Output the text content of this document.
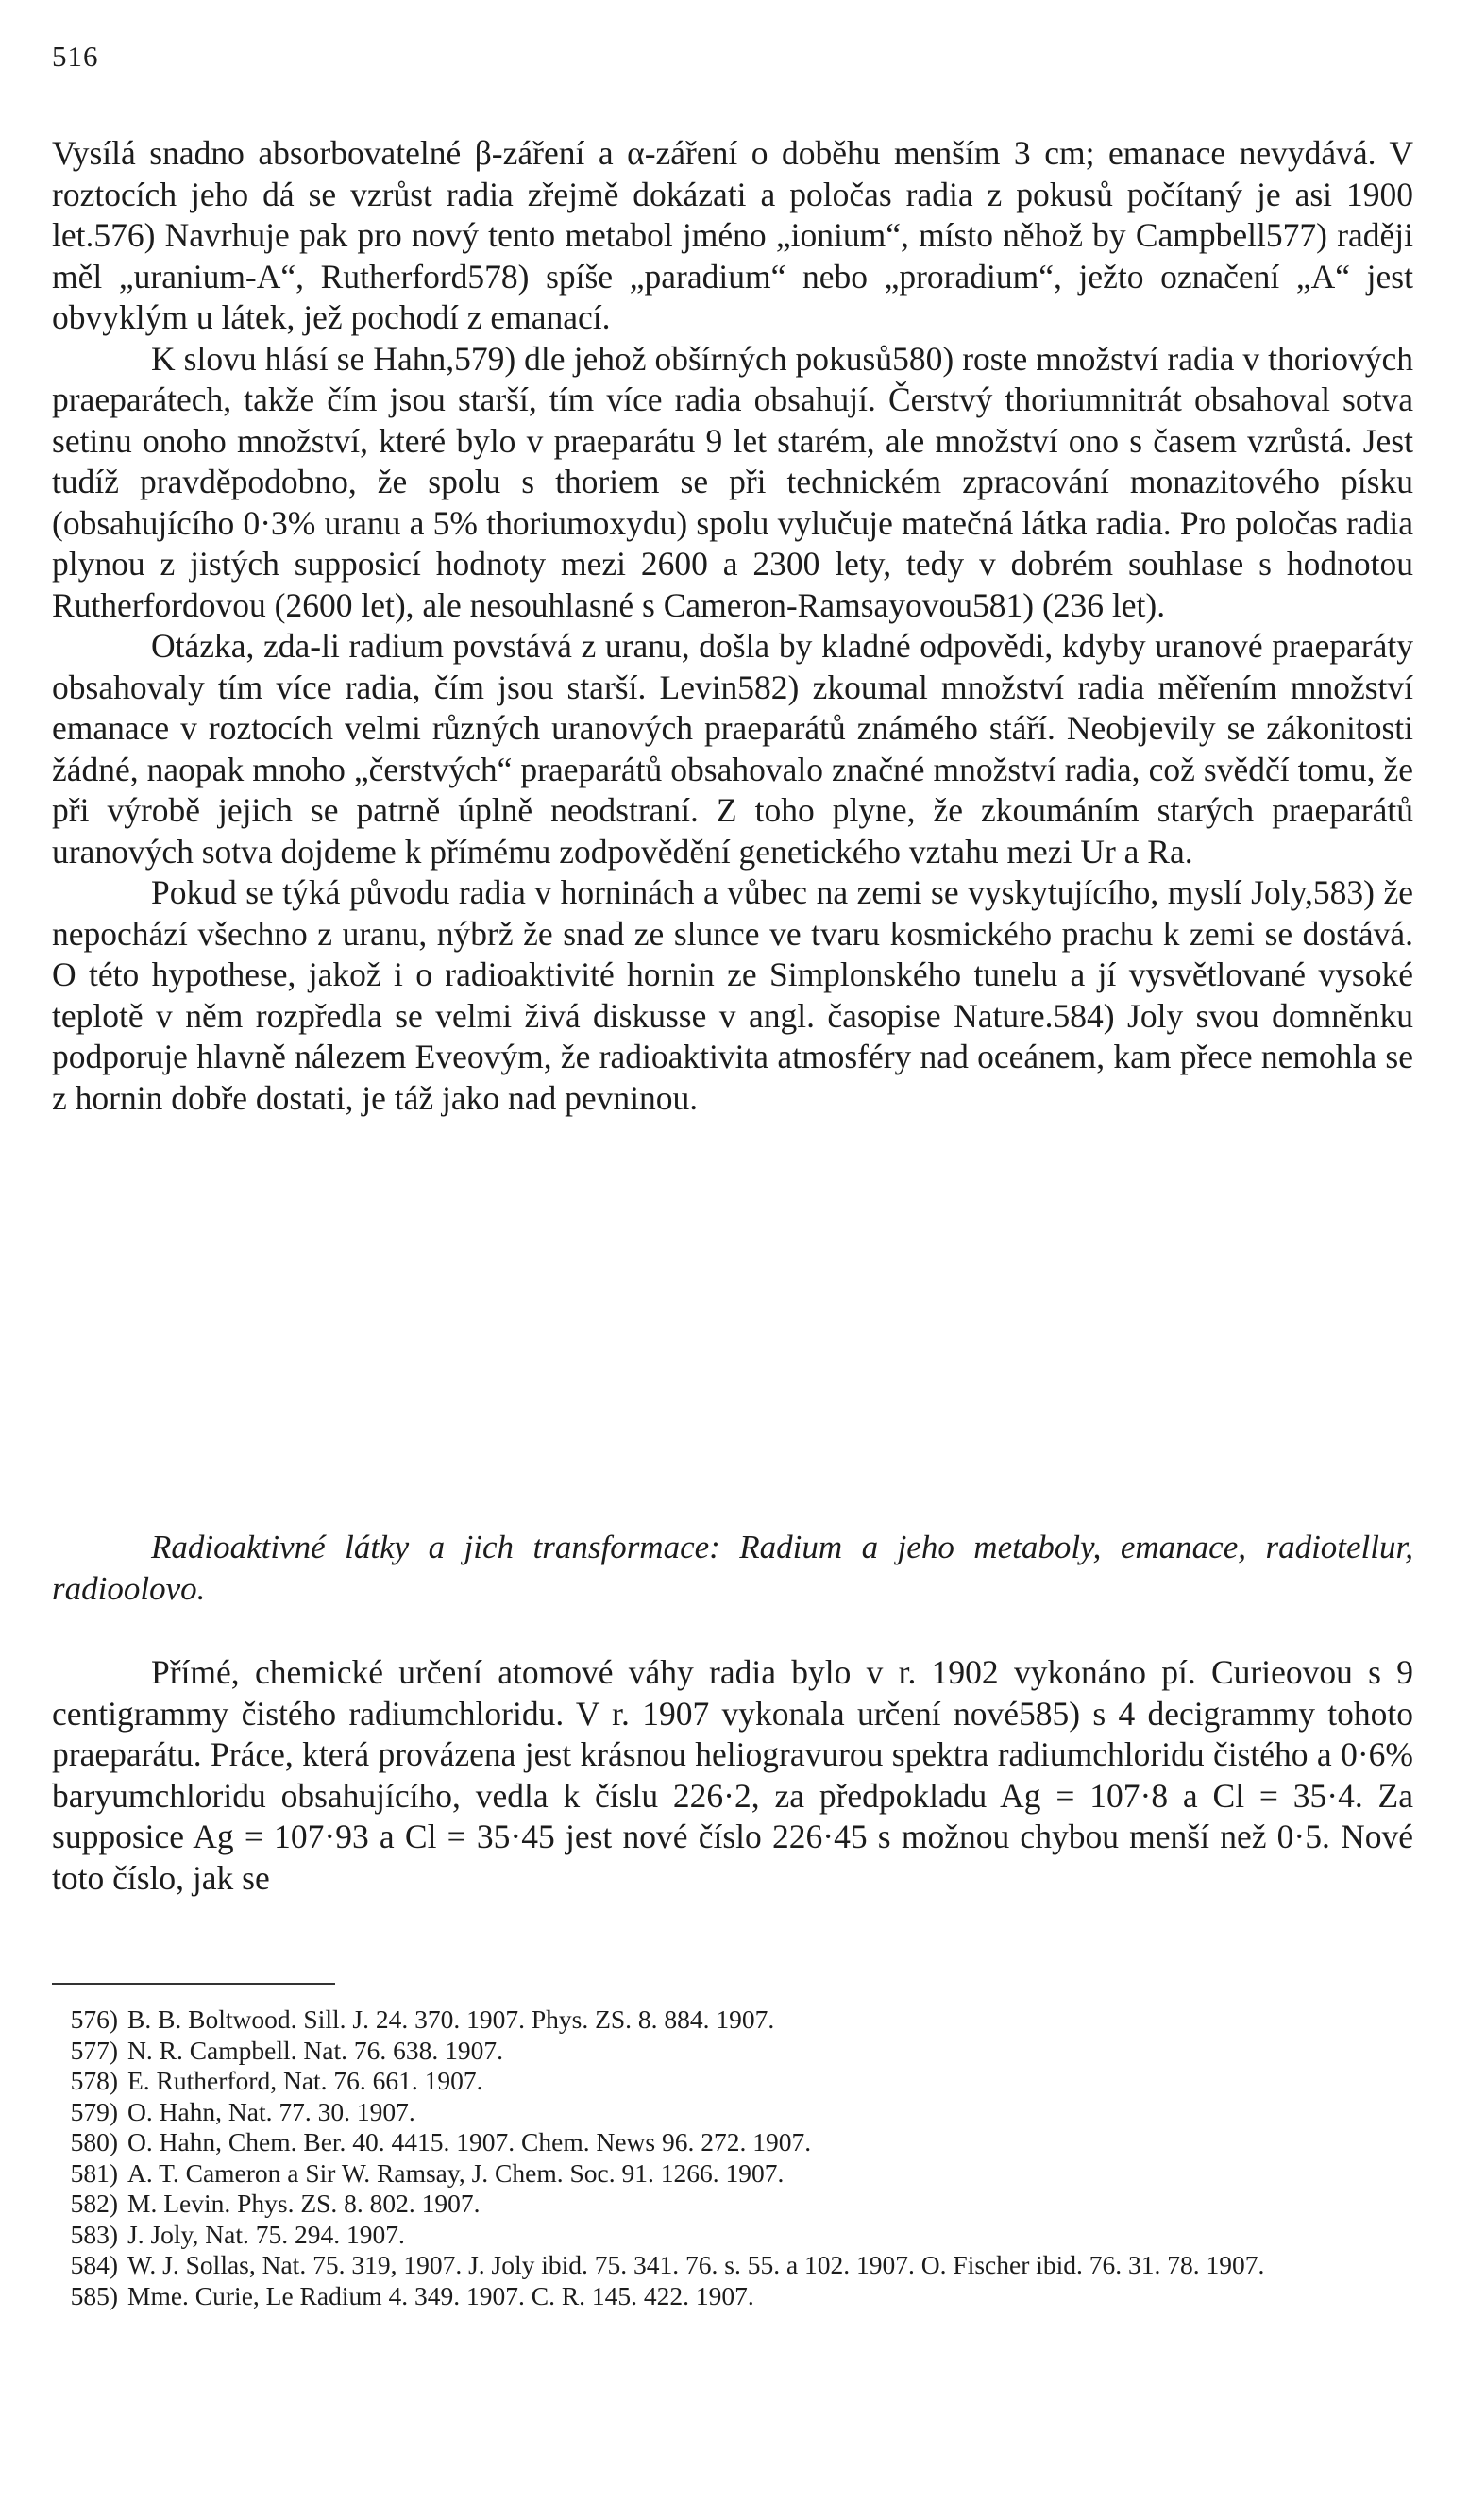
516

Vysílá snadno absorbovatelné β-záření a α-záření o doběhu menším 3 cm; emanace nevydává. V roztocích jeho dá se vzrůst radia zřejmě dokázati a poločas radia z pokusů počítaný je asi 1900 let.576) Navrhuje pak pro nový tento metabol jméno „ionium“, místo něhož by Campbell577) raději měl „uranium-A“, Rutherford578) spíše „paradium“ nebo „proradium“, ježto označení „A“ jest obvyklým u látek, jež pochodí z emanací.

K slovu hlásí se Hahn,579) dle jehož obšírných pokusů580) roste množství radia v thoriových praeparátech, takže čím jsou starší, tím více radia obsahují. Čerstvý thoriumnitrát obsahoval sotva setinu onoho množství, které bylo v praeparátu 9 let starém, ale množství ono s časem vzrůstá. Jest tudíž pravděpodobno, že spolu s thoriem se při technickém zpracování monazitového písku (obsahujícího 0·3% uranu a 5% thoriumoxydu) spolu vylučuje matečná látka radia. Pro poločas radia plynou z jistých supposicí hodnoty mezi 2600 a 2300 lety, tedy v dobrém souhlase s hodnotou Rutherfordovou (2600 let), ale nesouhlasné s Cameron-Ramsayovou581) (236 let).

Otázka, zda-li radium povstává z uranu, došla by kladné odpovědi, kdyby uranové praeparáty obsahovaly tím více radia, čím jsou starší. Levin582) zkoumal množství radia měřením množství emanace v roztocích velmi různých uranových praeparátů známého stáří. Neobjevily se zákonitosti žádné, naopak mnoho „čerstvých“ praeparátů obsahovalo značné množství radia, což svědčí tomu, že při výrobě jejich se patrně úplně neodstraní. Z toho plyne, že zkoumáním starých praeparátů uranových sotva dojdeme k přímému zodpovědění genetického vztahu mezi Ur a Ra.

Pokud se týká původu radia v horninách a vůbec na zemi se vyskytujícího, myslí Joly,583) že nepochází všechno z uranu, nýbrž že snad ze slunce ve tvaru kosmického prachu k zemi se dostává. O této hypothese, jakož i o radioaktivité hornin ze Simplonského tunelu a jí vysvětlované vysoké teplotě v něm rozpředla se velmi živá diskusse v angl. časopise Nature.584) Joly svou domněnku podporuje hlavně nálezem Eveovým, že radioaktivita atmosféry nad oceánem, kam přece nemohla se z hornin dobře dostati, je táž jako nad pevninou.

Radioaktivné látky a jich transformace: Radium a jeho metaboly, emanace, radiotellur, radioolovo.

Přímé, chemické určení atomové váhy radia bylo v r. 1902 vykonáno pí. Curieovou s 9 centigrammy čistého radiumchloridu. V r. 1907 vykonala určení nové585) s 4 decigrammy tohoto praeparátu. Práce, která provázena jest krásnou heliogravurou spektra radiumchloridu čistého a 0·6% baryumchloridu obsahujícího, vedla k číslu 226·2, za předpokladu Ag = 107·8 a Cl = 35·4. Za supposice Ag = 107·93 a Cl = 35·45 jest nové číslo 226·45 s možnou chybou menší než 0·5. Nové toto číslo, jak se

576) B. B. Boltwood. Sill. J. 24. 370. 1907. Phys. ZS. 8. 884. 1907.
577) N. R. Campbell. Nat. 76. 638. 1907.
578) E. Rutherford, Nat. 76. 661. 1907.
579) O. Hahn, Nat. 77. 30. 1907.
580) O. Hahn, Chem. Ber. 40. 4415. 1907. Chem. News 96. 272. 1907.
581) A. T. Cameron a Sir W. Ramsay, J. Chem. Soc. 91. 1266. 1907.
582) M. Levin. Phys. ZS. 8. 802. 1907.
583) J. Joly, Nat. 75. 294. 1907.
584) W. J. Sollas, Nat. 75. 319, 1907. J. Joly ibid. 75. 341. 76. s. 55. a 102. 1907. O. Fischer ibid. 76. 31. 78. 1907.
585) Mme. Curie, Le Radium 4. 349. 1907. C. R. 145. 422. 1907.
